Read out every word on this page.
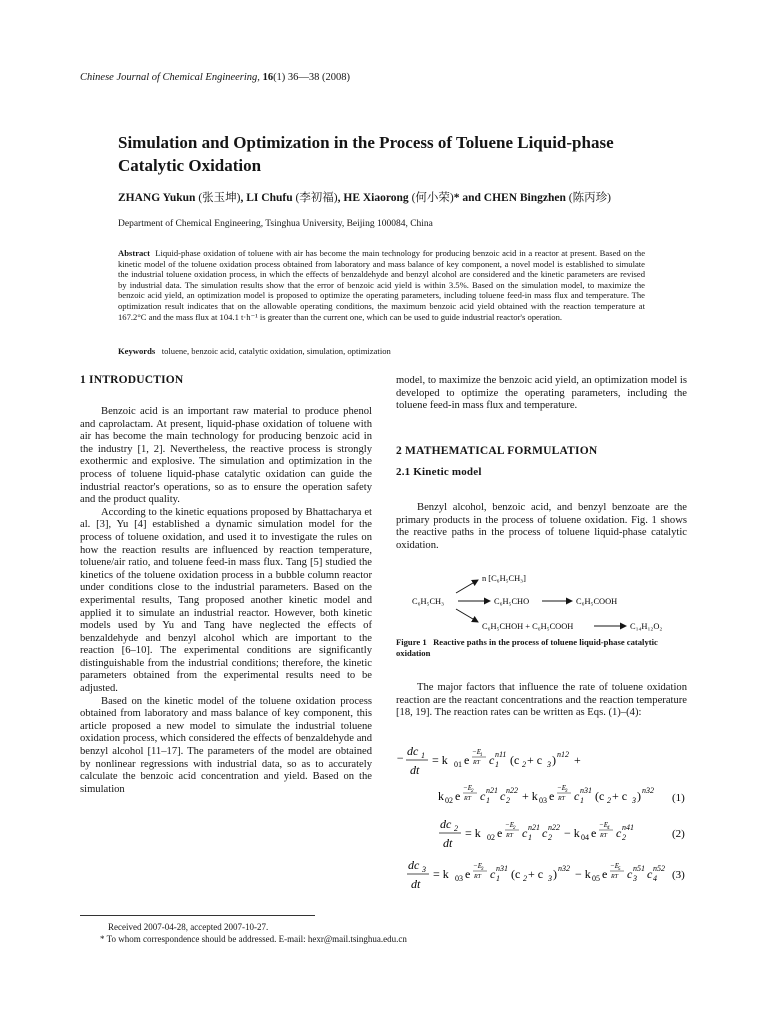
Chinese Journal of Chemical Engineering, 16(1) 36—38 (2008)
Simulation and Optimization in the Process of Toluene Liquid-phase Catalytic Oxidation
ZHANG Yukun (张玉坤), LI Chufu (李初福), HE Xiaorong (何小荣)* and CHEN Bingzhen (陈丙珍)
Department of Chemical Engineering, Tsinghua University, Beijing 100084, China
Abstract Liquid-phase oxidation of toluene with air has become the main technology for producing benzoic acid in a reactor at present. Based on the kinetic model of the toluene oxidation process obtained from laboratory and mass balance of key component, a novel model is established to simulate the industrial toluene oxidation process, in which the effects of benzaldehyde and benzyl alcohol are considered and the kinetic parameters are revised by industrial data. The simulation results show that the error of benzoic acid yield is within 3.5%. Based on the simulation model, to maximize the benzoic acid yield, an optimization model is proposed to optimize the operating parameters, including toluene feed-in mass flux and temperature. The optimization result indicates that on the allowable operating conditions, the maximum benzoic acid yield obtained with the reaction temperature at 167.2°C and the mass flux at 104.1 t·h⁻¹ is greater than the current one, which can be used to guide industrial reactor's operation.
Keywords toluene, benzoic acid, catalytic oxidation, simulation, optimization
1 INTRODUCTION

Benzoic acid is an important raw material to produce phenol and caprolactam. At present, liquid-phase oxidation of toluene with air has become the main technology for producing benzoic acid in the industry [1, 2]. Nevertheless, the reactive process is strongly exothermic and explosive. The simulation and optimization in the process of toluene liquid-phase catalytic oxidation can guide the industrial reactor's operations, so as to ensure the operation safety and the product quality.

According to the kinetic equations proposed by Bhattacharya et al. [3], Yu [4] established a dynamic simulation model for the process of toluene oxidation, and used it to investigate the rules on how the reaction results are influenced by reaction temperature, toluene/air ratio, and toluene feed-in mass flux. Tang [5] studied the kinetics of the toluene oxidation process in a bubble column reactor under conditions close to the industrial parameters. Based on the experimental results, Tang proposed another kinetic model and applied it to simulate an industrial reactor. However, both kinetic models used by Yu and Tang have neglected the effects of benzaldehyde and benzyl alcohol which are important to the reaction [6–10]. The experimental conditions are significantly distinguishable from the industrial conditions; therefore, the kinetic parameters obtained from the experimental results need to be adjusted.

Based on the kinetic model of the toluene oxidation process obtained from laboratory and mass balance of key component, this article proposed a new model to simulate the industrial toluene oxidation process, which considered the effects of benzaldehyde and benzyl alcohol [11–17]. The parameters of the model are obtained by nonlinear regressions with industrial data, so as to accurately calculate the benzoic acid concentration and yield. Based on the simulation

model, to maximize the benzoic acid yield, an optimization model is developed to optimize the operating parameters, including the toluene feed-in mass flux and temperature.

2 MATHEMATICAL FORMULATION
2.1 Kinetic model

Benzyl alcohol, benzoic acid, and benzyl benzoate are the primary products in the process of toluene oxidation. Fig. 1 shows the reactive paths in the process of toluene liquid-phase catalytic oxidation.

n [C₆H₅CH₃]
C₆H₅CH₃	C₆H₅CHO	C₆H₅COOH
C₆H₅CHOH + C₆H₅COOH	C₁₄H₁₂O₂
Figure 1 Reactive paths in the process of toluene liquid-phase catalytic oxidation

The major factors that influence the rate of toluene oxidation reaction are the reactant concentrations and the reaction temperature [18, 19]. The reaction rates can be written as Eqs. (1)–(4):

− dc 1
dt
= k 01 e
−E 1
RT c 1
n11 (c 2 + c 3 ) n12 +
k 02 e
−E 2
RT c 1
n21 c 2
n22 + k 03 e
−E 3
RT c 1
n31 (c 2 + c 3 ) n32
(1)
dc 2
dt
= k 02 e
−E 2
RT c 1
n21 c 2
n22 − k 04 e
−E 4
RT c 2
n41
(2)
dc 3
dt
= k 03 e
−E 3
RT c 1
n31 (c 2 + c 3 ) n32 − k 05 e
−E 5
RT c 3
n51 c 4
n52
(3)
Received 2007-04-28, accepted 2007-10-27.
* To whom correspondence should be addressed. E-mail: hexr@mail.tsinghua.edu.cn
